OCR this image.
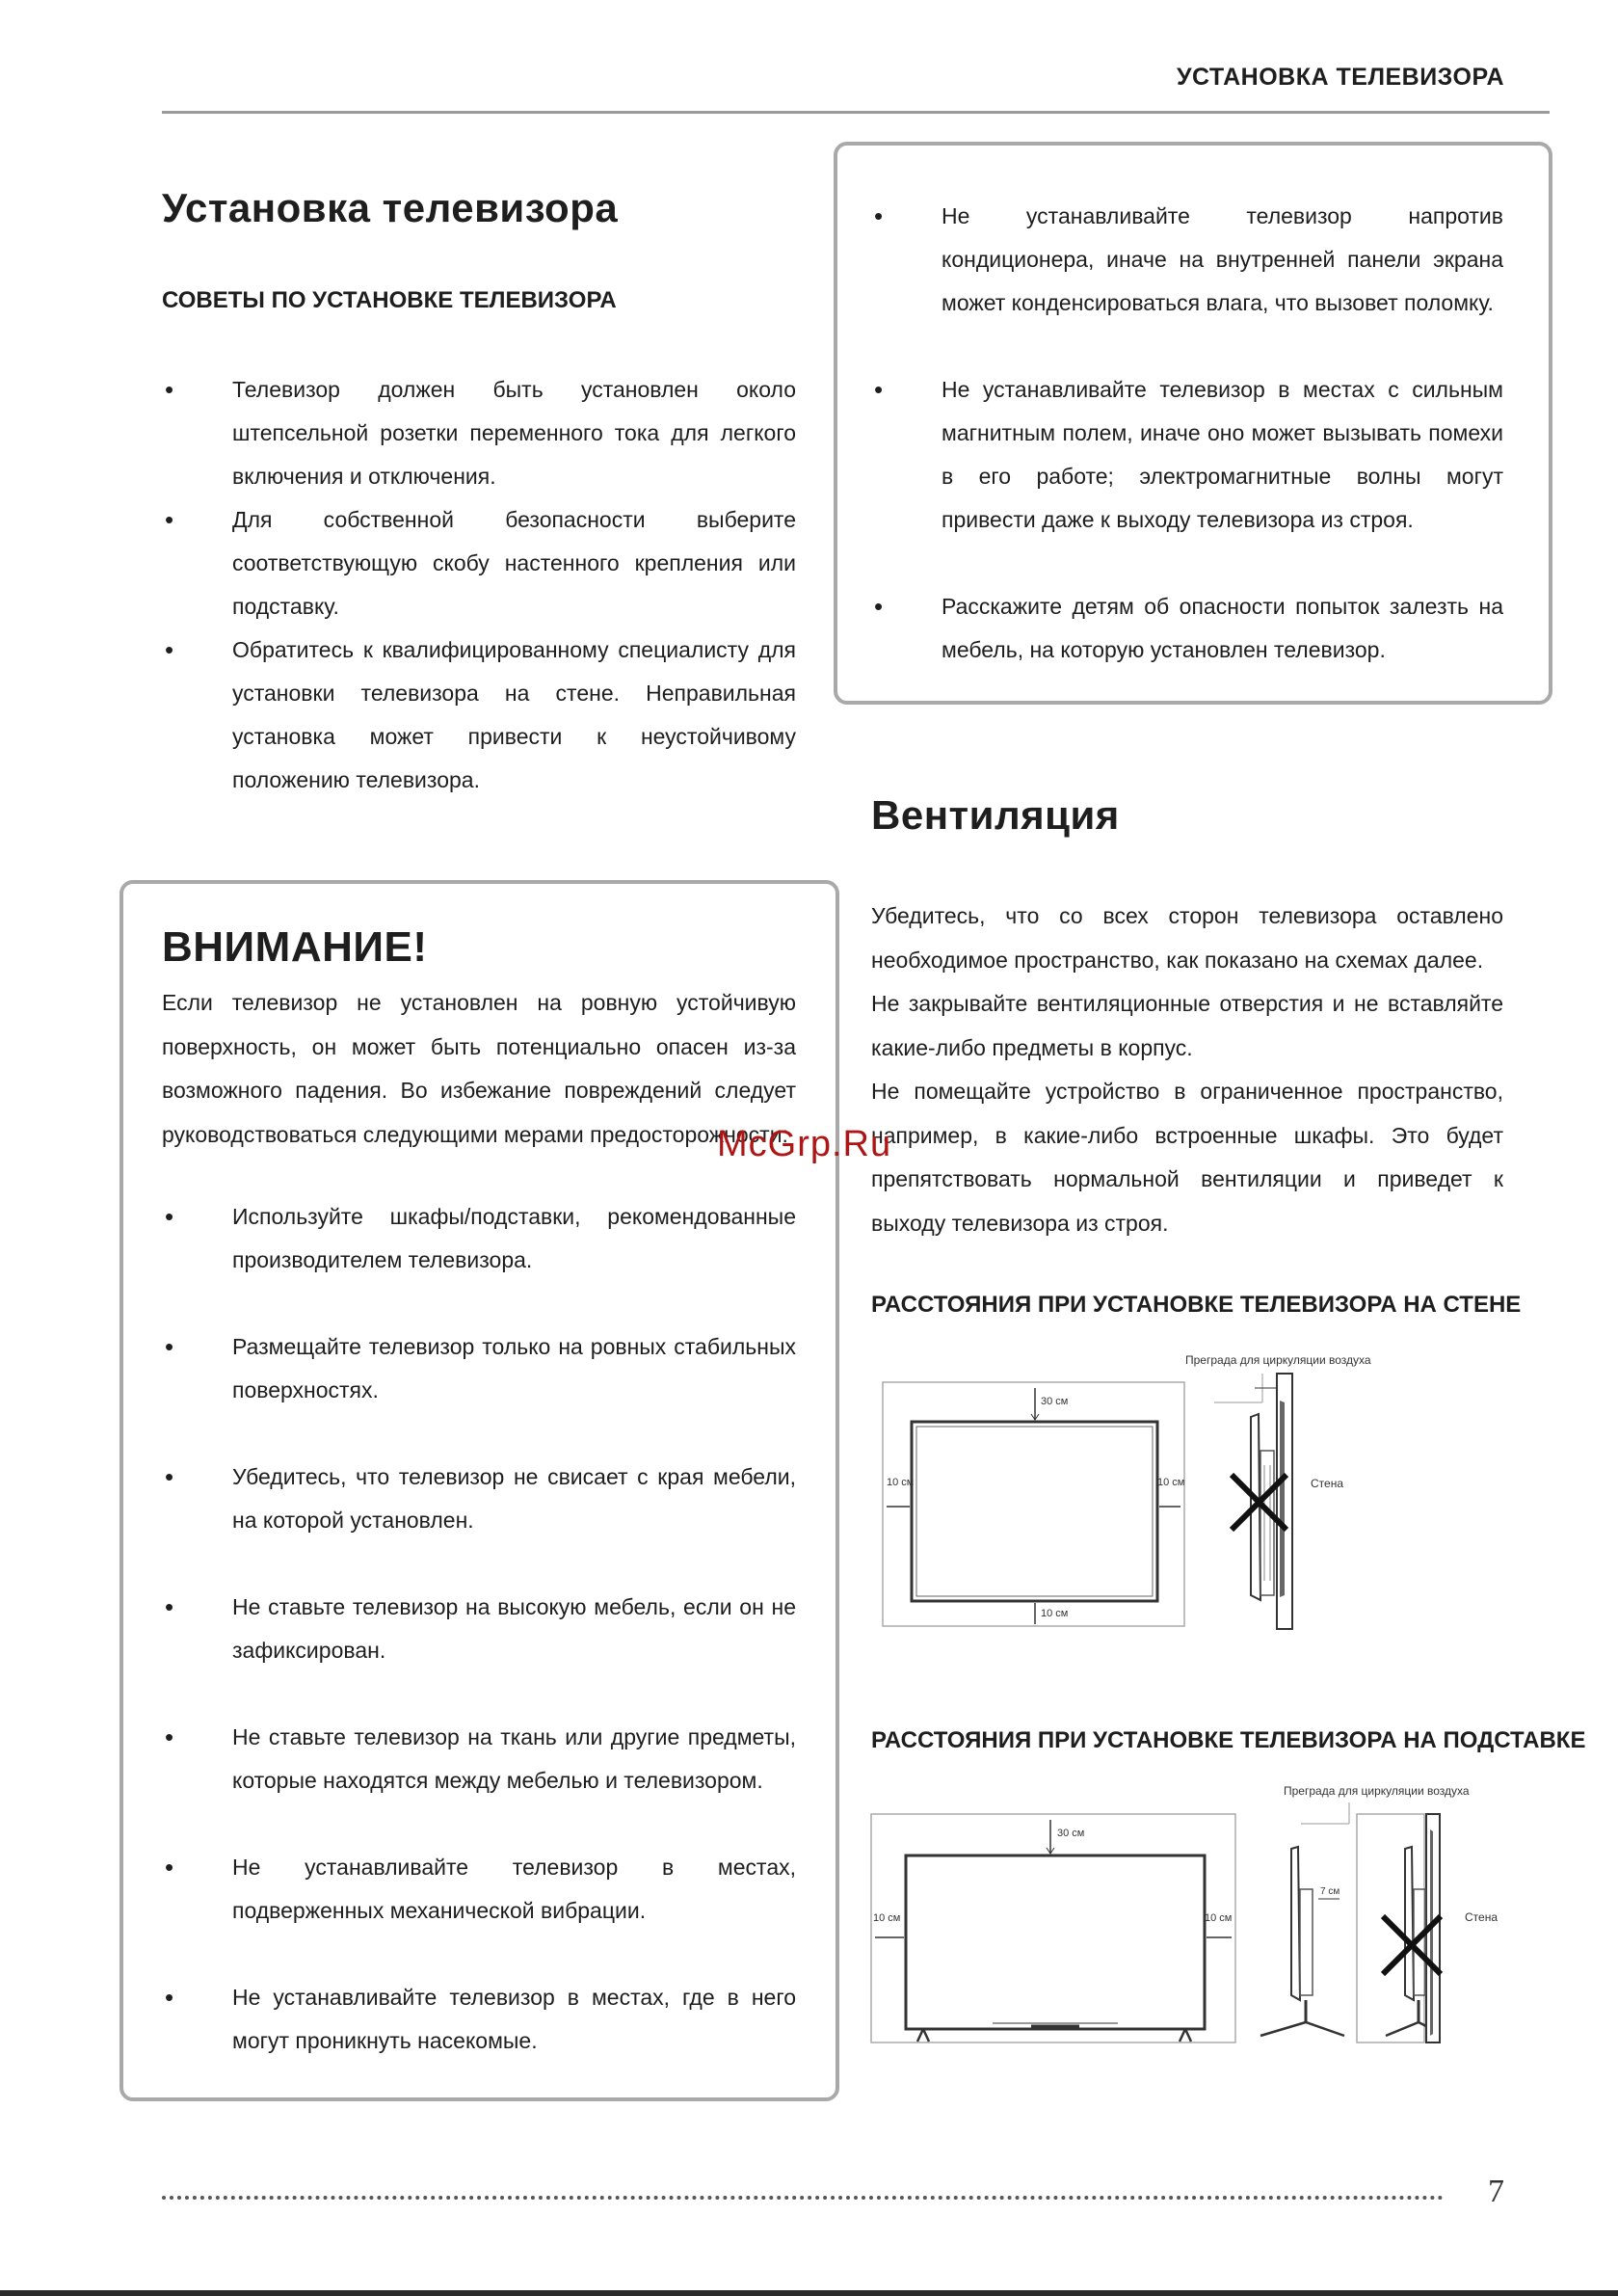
УСТАНОВКА ТЕЛЕВИЗОРА
Установка телевизора
СОВЕТЫ ПО УСТАНОВКЕ ТЕЛЕВИЗОРА
• Телевизор должен быть установлен около штепсельной розетки переменного тока для легкого включения и отключения.
• Для собственной безопасности выберите соответствующую скобу настенного крепления или подставку.
• Обратитесь к квалифицированному специалисту для установки телевизора на стене. Неправильная установка может привести к неустойчивому положению телевизора.
ВНИМАНИЕ!
Если телевизор не установлен на ровную устойчивую поверхность, он может быть потенциально опасен из-за возможного падения. Во избежание повреждений следует руководствоваться следующими мерами предосторожности:
• Используйте шкафы/подставки, рекомендованные производителем телевизора.
• Размещайте телевизор только на ровных стабильных поверхностях.
• Убедитесь, что телевизор не свисает с края мебели, на которой установлен.
• Не ставьте телевизор на высокую мебель, если он не зафиксирован.
• Не ставьте телевизор на ткань или другие предметы, которые находятся между мебелью и телевизором.
• Не устанавливайте телевизор в местах, подверженных механической вибрации.
• Не устанавливайте телевизор в местах, где в него могут проникнуть насекомые.
• Не устанавливайте телевизор напротив кондиционера, иначе на внутренней панели экрана может конденсироваться влага, что вызовет поломку.
• Не устанавливайте телевизор в местах с сильным магнитным полем, иначе оно может вызывать помехи в его работе; электромагнитные волны могут привести даже к выходу телевизора из строя.
• Расскажите детям об опасности попыток залезть на мебель, на которую установлен телевизор.
Вентиляция

Убедитесь, что со всех сторон телевизора оставлено необходимое пространство, как показано на схемах далее.

Не закрывайте вентиляционные отверстия и не вставляйте какие-либо предметы в корпус.

Не помещайте устройство в ограниченное пространство, например, в какие-либо встроенные шкафы. Это будет препятствовать нормальной вентиляции и приведет к выходу телевизора из строя.

РАССТОЯНИЯ ПРИ УСТАНОВКЕ ТЕЛЕВИЗОРА НА СТЕНЕ
30 см
10 см	10 см
10 см
Преграда для циркуляции воздуха
Стена
РАССТОЯНИЯ ПРИ УСТАНОВКЕ ТЕЛЕВИЗОРА НА ПОДСТАВКЕ
30 см
10 см	10 см
Преграда для циркуляции воздуха
7 см
Стена
McGrp.Ru
7
